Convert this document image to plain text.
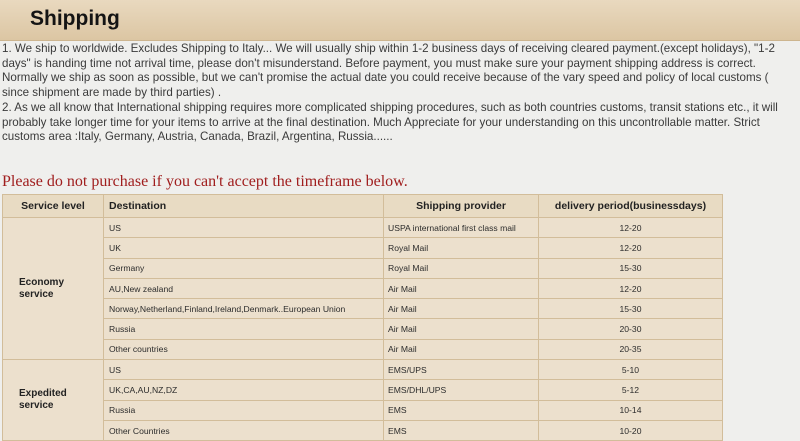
Shipping

1. We ship to worldwide. Excludes Shipping to Italy... We will usually ship within 1-2 business days of receiving cleared payment.(except holidays), "1-2 days" is handing time not arrival time, please don't misunderstand. Before payment, you must make sure your payment shipping address is correct. Normally we ship as soon as possible, but we can't promise the actual date you could receive because of the vary speed and policy of local customs ( since shipment are made by third parties) .

2. As we all know that International shipping requires more complicated shipping procedures, such as both countries customs, transit stations etc., it will probably take longer time for your items to arrive at the final destination. Much Appreciate for your understanding on this uncontrollable matter. Strict customs area :Italy, Germany, Austria, Canada, Brazil, Argentina, Russia......

Please do not purchase if you can't accept the timeframe below.
Service level	Destination	Shipping provider	delivery period(businessdays)
Economy service	US	USPA international first class mail	12-20
	UK	Royal Mail	12-20
	Germany	Royal Mail	15-30
	AU,New zealand	Air Mail	12-20
	Norway,Netherland,Finland,Ireland,Denmark..European Union	Air Mail	15-30
	Russia	Air Mail	20-30
	Other countries	Air Mail	20-35
Expedited service	US	EMS/UPS	5-10
	UK,CA,AU,NZ,DZ	EMS/DHL/UPS	5-12
	Russia	EMS	10-14
	Other Countries	EMS	10-20
